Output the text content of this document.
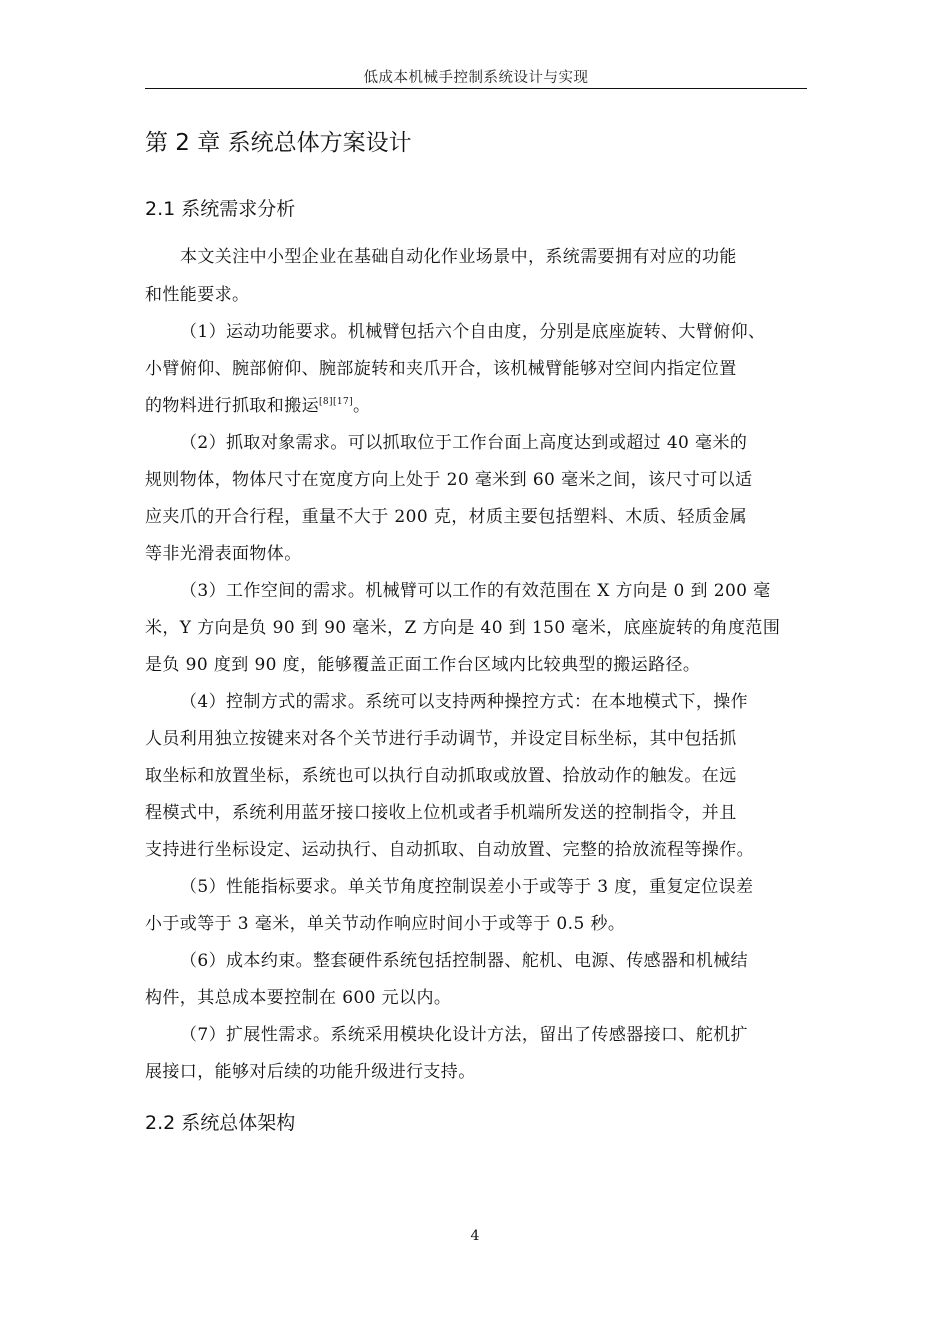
低成本机械手控制系统设计与实现
第 2 章 系统总体方案设计
2.1 系统需求分析
本文关注中小型企业在基础自动化作业场景中，系统需要拥有对应的功能
和性能要求。
（1）运动功能要求。机械臂包括六个自由度，分别是底座旋转、大臂俯仰、
小臂俯仰、腕部俯仰、腕部旋转和夹爪开合，该机械臂能够对空间内指定位置
的物料进行抓取和搬运[8][17]。
（2）抓取对象需求。可以抓取位于工作台面上高度达到或超过 40 毫米的
规则物体，物体尺寸在宽度方向上处于 20 毫米到 60 毫米之间，该尺寸可以适
应夹爪的开合行程，重量不大于 200 克，材质主要包括塑料、木质、轻质金属
等非光滑表面物体。
（3）工作空间的需求。机械臂可以工作的有效范围在 X 方向是 0 到 200 毫
米，Y 方向是负 90 到 90 毫米，Z 方向是 40 到 150 毫米，底座旋转的角度范围
是负 90 度到 90 度，能够覆盖正面工作台区域内比较典型的搬运路径。
（4）控制方式的需求。系统可以支持两种操控方式：在本地模式下，操作
人员利用独立按键来对各个关节进行手动调节，并设定目标坐标，其中包括抓
取坐标和放置坐标，系统也可以执行自动抓取或放置、拾放动作的触发。在远
程模式中，系统利用蓝牙接口接收上位机或者手机端所发送的控制指令，并且
支持进行坐标设定、运动执行、自动抓取、自动放置、完整的拾放流程等操作。
（5）性能指标要求。单关节角度控制误差小于或等于 3 度，重复定位误差
小于或等于 3 毫米，单关节动作响应时间小于或等于 0.5 秒。
（6）成本约束。整套硬件系统包括控制器、舵机、电源、传感器和机械结
构件，其总成本要控制在 600 元以内。
（7）扩展性需求。系统采用模块化设计方法，留出了传感器接口、舵机扩
展接口，能够对后续的功能升级进行支持。
2.2 系统总体架构
4
